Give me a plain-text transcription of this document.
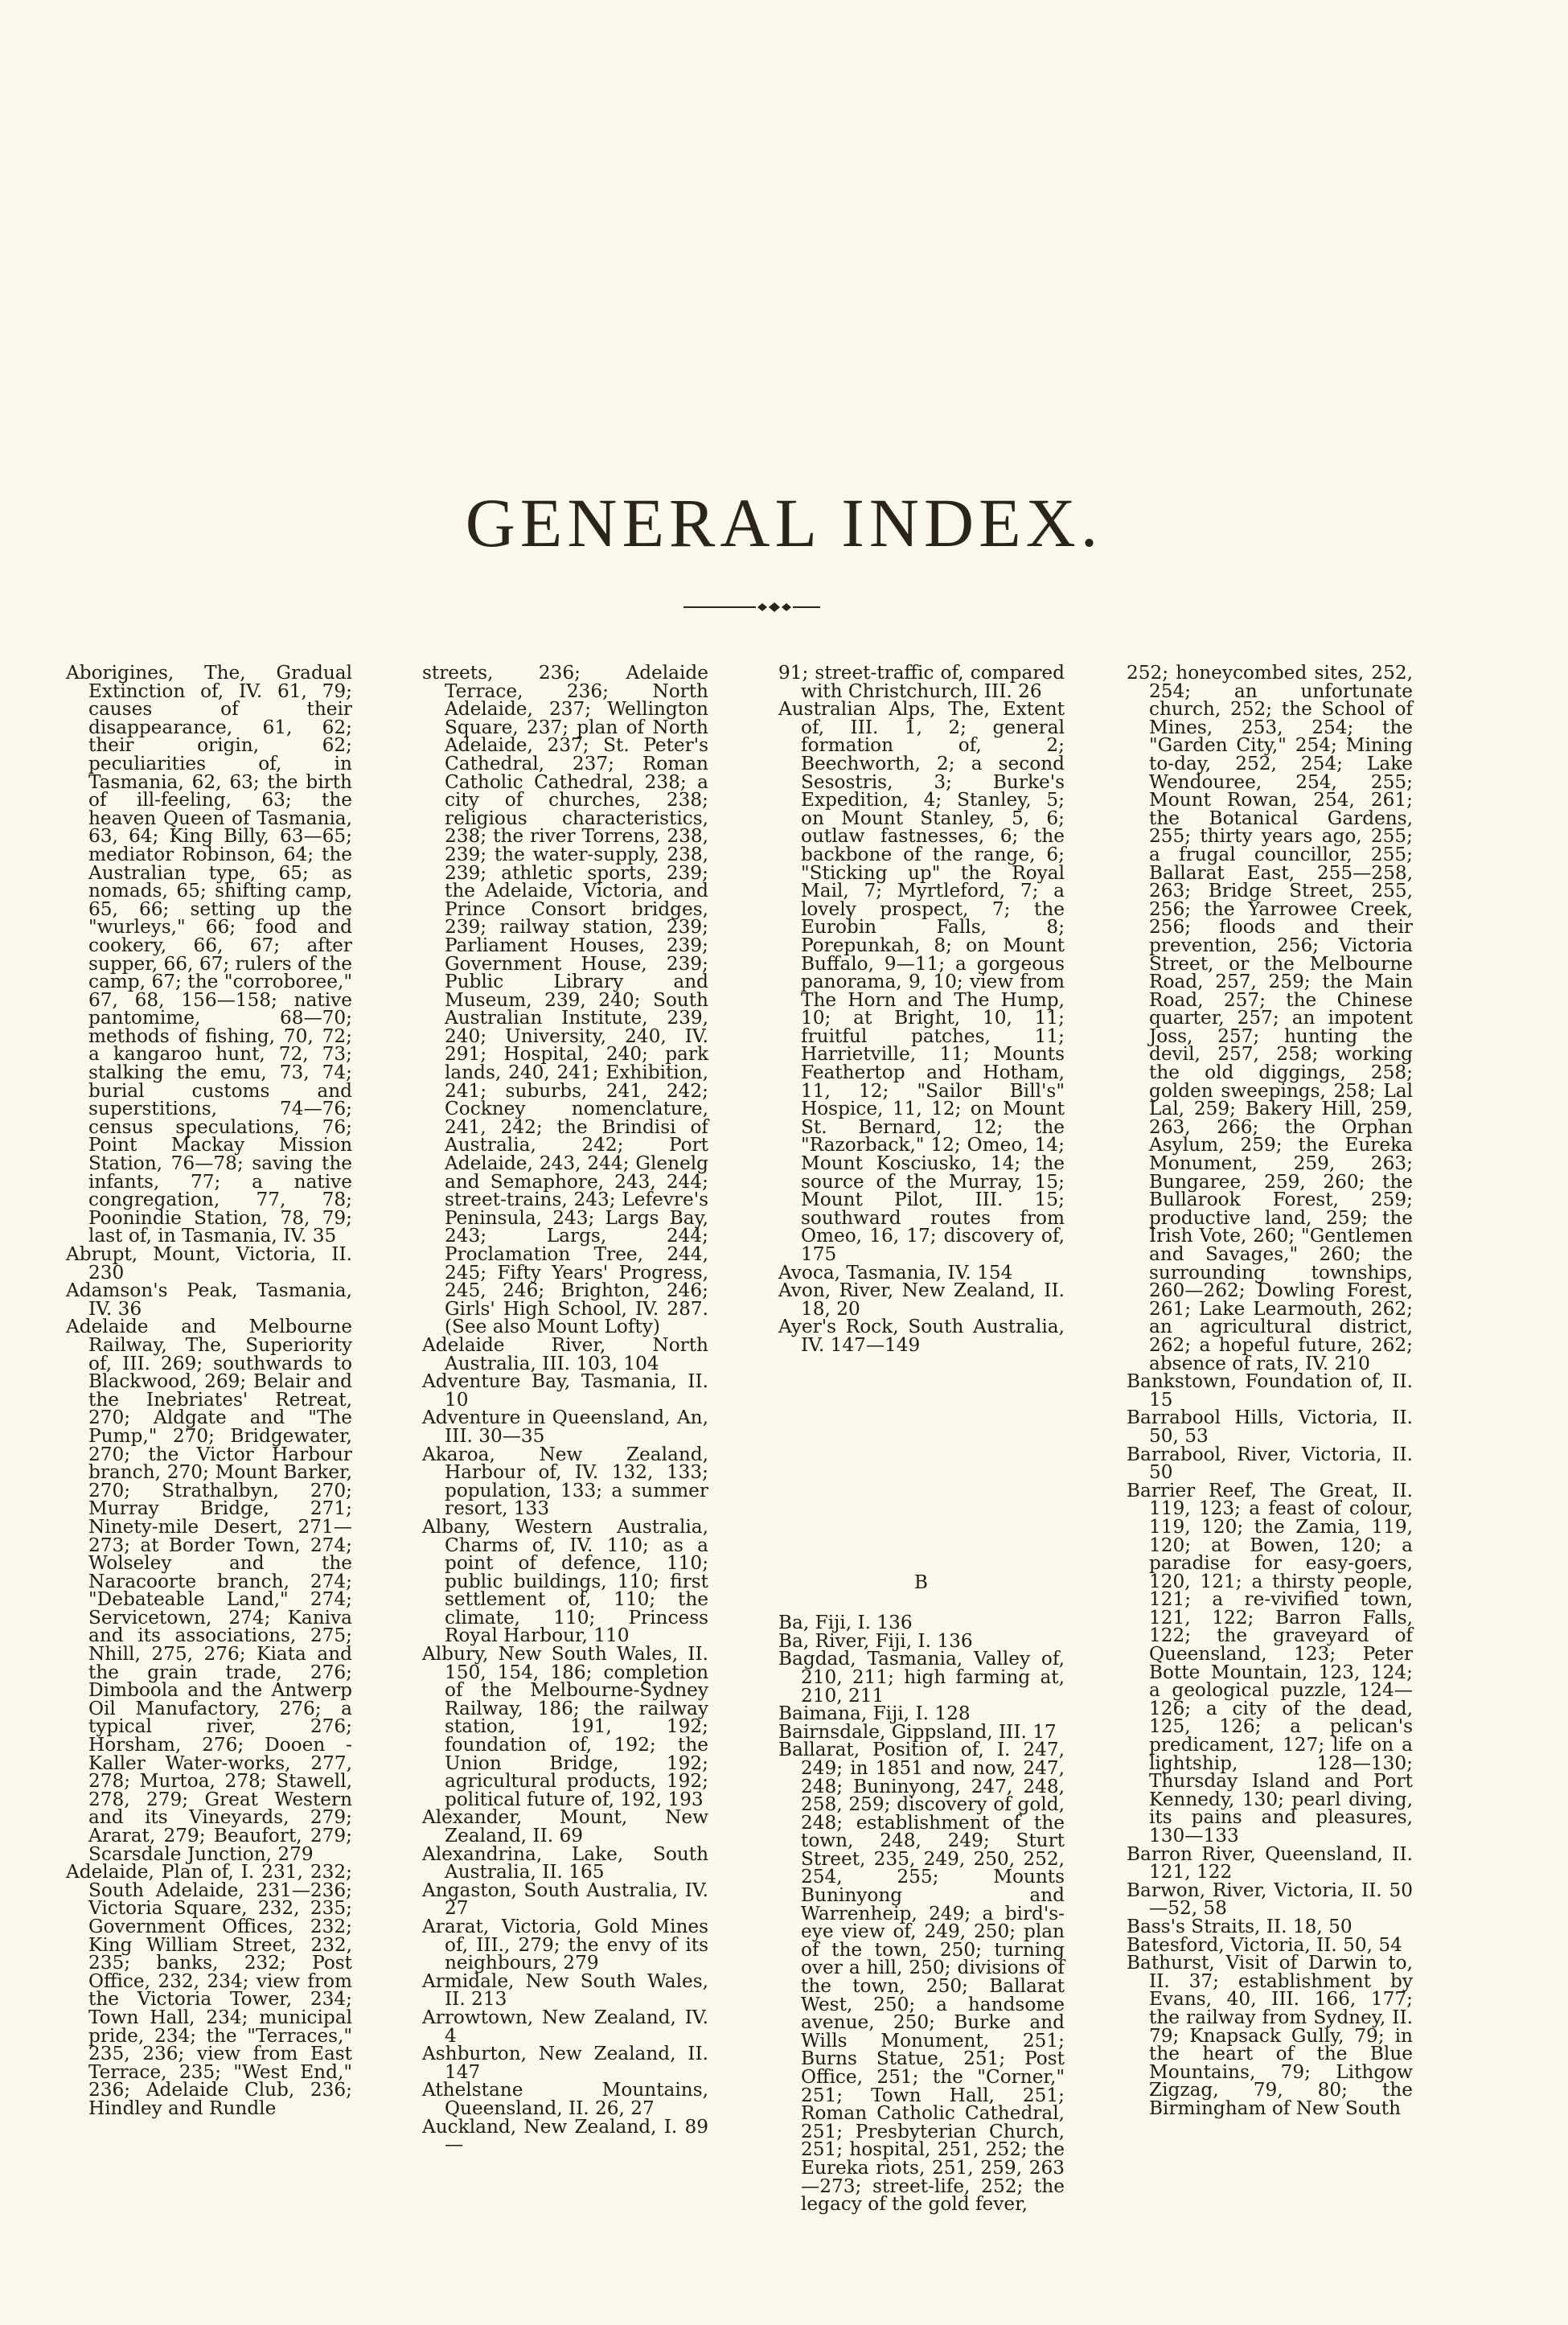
GENERAL INDEX.

Aborigines, The, Gradual Extinction of, IV. 61, 79; causes of their disappearance, 61, 62; their origin, 62; peculiarities of, in Tasmania, 62, 63; the birth of ill-feeling, 63; the heaven Queen of Tasmania, 63, 64; King Billy, 63—65; mediator Robinson, 64; the Australian type, 65; as nomads, 65; shifting camp, 65, 66; setting up the "wurleys," 66; food and cookery, 66, 67; after supper, 66, 67; rulers of the camp, 67; the "corroboree," 67, 68, 156—158; native pantomime, 68—70; methods of fishing, 70, 72; a kangaroo hunt, 72, 73; stalking the emu, 73, 74; burial customs and superstitions, 74—76; census speculations, 76; Point Mackay Mission Station, 76—78; saving the infants, 77; a native congregation, 77, 78; Poonindie Station, 78, 79; last of, in Tasmania, IV. 35

Abrupt, Mount, Victoria, II. 230

Adamson's Peak, Tasmania, IV. 36

Adelaide and Melbourne Railway, The, Superiority of, III. 269; southwards to Blackwood, 269; Belair and the Inebriates' Retreat, 270; Aldgate and "The Pump," 270; Bridgewater, 270; the Victor Harbour branch, 270; Mount Barker, 270; Strathalbyn, 270; Murray Bridge, 271; Ninety-mile Desert, 271—273; at Border Town, 274; Wolseley and the Naracoorte branch, 274; "Debateable Land," 274; Servicetown, 274; Kaniva and its associations, 275; Nhill, 275, 276; Kiata and the grain trade, 276; Dimboola and the Antwerp Oil Manufactory, 276; a typical river, 276; Horsham, 276; Dooen - Kaller Water-works, 277, 278; Murtoa, 278; Stawell, 278, 279; Great Western and its Vineyards, 279; Ararat, 279; Beaufort, 279; Scarsdale Junction, 279

Adelaide, Plan of, I. 231, 232; South Adelaide, 231—236; Victoria Square, 232, 235; Government Offices, 232; King William Street, 232, 235; banks, 232; Post Office, 232, 234; view from the Victoria Tower, 234; Town Hall, 234; municipal pride, 234; the "Terraces," 235, 236; view from East Terrace, 235; "West End," 236; Adelaide Club, 236; Hindley and Rundle

streets, 236; Adelaide Terrace, 236; North Adelaide, 237; Wellington Square, 237; plan of North Adelaide, 237; St. Peter's Cathedral, 237; Roman Catholic Cathedral, 238; a city of churches, 238; religious characteristics, 238; the river Torrens, 238, 239; the water-supply, 238, 239; athletic sports, 239; the Adelaide, Victoria, and Prince Consort bridges, 239; railway station, 239; Parliament Houses, 239; Government House, 239; Public Library and Museum, 239, 240; South Australian Institute, 239, 240; University, 240, IV. 291; Hospital, 240; park lands, 240, 241; Exhibition, 241; suburbs, 241, 242; Cockney nomenclature, 241, 242; the Brindisi of Australia, 242; Port Adelaide, 243, 244; Glenelg and Semaphore, 243, 244; street-trains, 243; Lefevre's Peninsula, 243; Largs Bay, 243; Largs, 244; Proclamation Tree, 244, 245; Fifty Years' Progress, 245, 246; Brighton, 246; Girls' High School, IV. 287. (See also Mount Lofty)

Adelaide River, North Australia, III. 103, 104

Adventure Bay, Tasmania, II. 10

Adventure in Queensland, An, III. 30—35

Akaroa, New Zealand, Harbour of, IV. 132, 133; population, 133; a summer resort, 133

Albany, Western Australia, Charms of, IV. 110; as a point of defence, 110; public buildings, 110; first settlement of, 110; the climate, 110; Princess Royal Harbour, 110

Albury, New South Wales, II. 150, 154, 186; completion of the Melbourne-Sydney Railway, 186; the railway station, 191, 192; foundation of, 192; the Union Bridge, 192; agricultural products, 192; political future of, 192, 193

Alexander, Mount, New Zealand, II. 69

Alexandrina, Lake, South Australia, II. 165

Angaston, South Australia, IV. 27

Ararat, Victoria, Gold Mines of, III., 279; the envy of its neighbours, 279

Armidale, New South Wales, II. 213

Arrowtown, New Zealand, IV. 4

Ashburton, New Zealand, II. 147

Athelstane Mountains, Queensland, II. 26, 27

Auckland, New Zealand, I. 89—

91; street-traffic of, compared with Christchurch, III. 26

Australian Alps, The, Extent of, III. 1, 2; general formation of, 2; Beechworth, 2; a second Sesostris, 3; Burke's Expedition, 4; Stanley, 5; on Mount Stanley, 5, 6; outlaw fastnesses, 6; the backbone of the range, 6; "Sticking up" the Royal Mail, 7; Myrtleford, 7; a lovely prospect, 7; the Eurobin Falls, 8; Porepunkah, 8; on Mount Buffalo, 9—11; a gorgeous panorama, 9, 10; view from The Horn and The Hump, 10; at Bright, 10, 11; fruitful patches, 11; Harrietville, 11; Mounts Feathertop and Hotham, 11, 12; "Sailor Bill's" Hospice, 11, 12; on Mount St. Bernard, 12; the "Razorback," 12; Omeo, 14; Mount Kosciusko, 14; the source of the Murray, 15; Mount Pilot, III. 15; southward routes from Omeo, 16, 17; discovery of, 175

Avoca, Tasmania, IV. 154

Avon, River, New Zealand, II. 18, 20

Ayer's Rock, South Australia, IV. 147—149

B

Ba, Fiji, I. 136

Ba, River, Fiji, I. 136

Bagdad, Tasmania, Valley of, 210, 211; high farming at, 210, 211

Baimana, Fiji, I. 128

Bairnsdale, Gippsland, III. 17

Ballarat, Position of, I. 247, 249; in 1851 and now, 247, 248; Buninyong, 247, 248, 258, 259; discovery of gold, 248; establishment of the town, 248, 249; Sturt Street, 235, 249, 250, 252, 254, 255; Mounts Buninyong and Warrenheip, 249; a bird's-eye view of, 249, 250; plan of the town, 250; turning over a hill, 250; divisions of the town, 250; Ballarat West, 250; a handsome avenue, 250; Burke and Wills Monument, 251; Burns Statue, 251; Post Office, 251; the "Corner," 251; Town Hall, 251; Roman Catholic Cathedral, 251; Presbyterian Church, 251; hospital, 251, 252; the Eureka riots, 251, 259, 263—273; street-life, 252; the legacy of the gold fever,

252; honeycombed sites, 252, 254; an unfortunate church, 252; the School of Mines, 253, 254; the "Garden City," 254; Mining to-day, 252, 254; Lake Wendouree, 254, 255; Mount Rowan, 254, 261; the Botanical Gardens, 255; thirty years ago, 255; a frugal councillor, 255; Ballarat East, 255—258, 263; Bridge Street, 255, 256; the Yarrowee Creek, 256; floods and their prevention, 256; Victoria Street, or the Melbourne Road, 257, 259; the Main Road, 257; the Chinese quarter, 257; an impotent Joss, 257; hunting the devil, 257, 258; working the old diggings, 258; golden sweepings, 258; Lal Lal, 259; Bakery Hill, 259, 263, 266; the Orphan Asylum, 259; the Eureka Monument, 259, 263; Bungaree, 259, 260; the Bullarook Forest, 259; productive land, 259; the Irish Vote, 260; "Gentlemen and Savages," 260; the surrounding townships, 260—262; Dowling Forest, 261; Lake Learmouth, 262; an agricultural district, 262; a hopeful future, 262; absence of rats, IV. 210

Bankstown, Foundation of, II. 15

Barrabool Hills, Victoria, II. 50, 53

Barrabool, River, Victoria, II. 50

Barrier Reef, The Great, II. 119, 123; a feast of colour, 119, 120; the Zamia, 119, 120; at Bowen, 120; a paradise for easy-goers, 120, 121; a thirsty people, 121; a re-vivified town, 121, 122; Barron Falls, 122; the graveyard of Queensland, 123; Peter Botte Mountain, 123, 124; a geological puzzle, 124—126; a city of the dead, 125, 126; a pelican's predicament, 127; life on a lightship, 128—130; Thursday Island and Port Kennedy, 130; pearl diving, its pains and pleasures, 130—133

Barron River, Queensland, II. 121, 122

Barwon, River, Victoria, II. 50—52, 58

Bass's Straits, II. 18, 50

Batesford, Victoria, II. 50, 54

Bathurst, Visit of Darwin to, II. 37; establishment by Evans, 40, III. 166, 177; the railway from Sydney, II. 79; Knapsack Gully, 79; in the heart of the Blue Mountains, 79; Lithgow Zigzag, 79, 80; the Birmingham of New South
